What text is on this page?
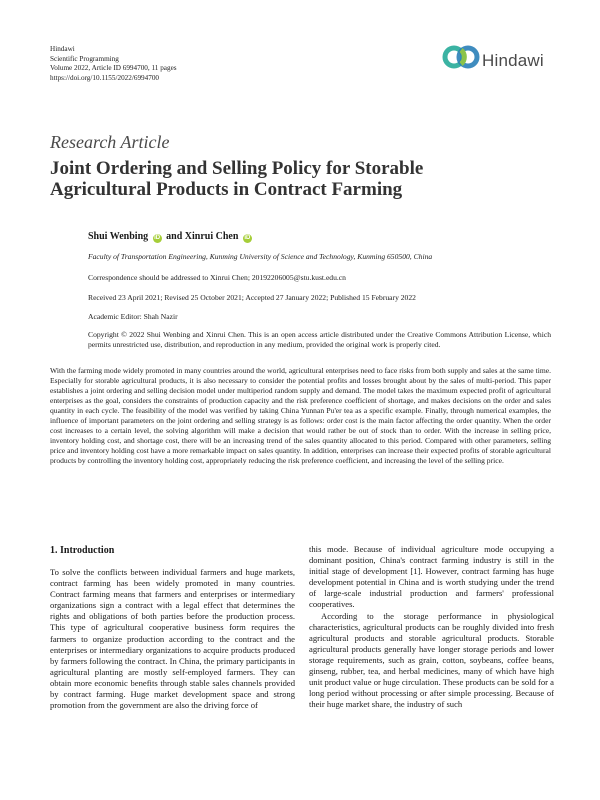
Hindawi
Scientific Programming
Volume 2022, Article ID 6994700, 11 pages
https://doi.org/10.1155/2022/6994700
Hindawi
Research Article
Joint Ordering and Selling Policy for Storable Agricultural Products in Contract Farming
Shui Wenbing iD and Xinrui Chen iD
Faculty of Transportation Engineering, Kunming University of Science and Technology, Kunming 650500, China
Correspondence should be addressed to Xinrui Chen; 20192206005@stu.kust.edu.cn
Received 23 April 2021; Revised 25 October 2021; Accepted 27 January 2022; Published 15 February 2022
Academic Editor: Shah Nazir
Copyright © 2022 Shui Wenbing and Xinrui Chen. This is an open access article distributed under the Creative Commons Attribution License, which permits unrestricted use, distribution, and reproduction in any medium, provided the original work is properly cited.
With the farming mode widely promoted in many countries around the world, agricultural enterprises need to face risks from both supply and sales at the same time. Especially for storable agricultural products, it is also necessary to consider the potential profits and losses brought about by the sales of multi-period. This paper establishes a joint ordering and selling decision model under multiperiod random supply and demand. The model takes the maximum expected profit of agricultural enterprises as the goal, considers the constraints of production capacity and the risk preference coefficient of shortage, and makes decisions on the order and sales quantity in each cycle. The feasibility of the model was verified by taking China Yunnan Pu'er tea as a specific example. Finally, through numerical examples, the influence of important parameters on the joint ordering and selling strategy is as follows: order cost is the main factor affecting the order quantity. When the order cost increases to a certain level, the solving algorithm will make a decision that would rather be out of stock than to order. With the increase in selling price, inventory holding cost, and shortage cost, there will be an increasing trend of the sales quantity allocated to this period. Compared with other parameters, selling price and inventory holding cost have a more remarkable impact on sales quantity. In addition, enterprises can increase their expected profits of storable agricultural products by controlling the inventory holding cost, appropriately reducing the risk preference coefficient, and increasing the level of the selling price.
1. Introduction

To solve the conflicts between individual farmers and huge markets, contract farming has been widely promoted in many countries. Contract farming means that farmers and enterprises or intermediary organizations sign a contract with a legal effect that determines the rights and obligations of both parties before the production process. This type of agricultural cooperative business form requires the farmers to organize production according to the contract and the enterprises or intermediary organizations to acquire products produced by farmers following the contract. In China, the primary participants in agricultural planting are mostly self-employed farmers. They can obtain more economic benefits through stable sales channels provided by contract farming. Huge market development space and strong promotion from the government are also the driving force of

this mode. Because of individual agriculture mode occupying a dominant position, China's contract farming industry is still in the initial stage of development [1]. However, contract farming has huge development potential in China and is worth studying under the trend of large-scale industrial production and farmers' professional cooperatives.

According to the storage performance in physiological characteristics, agricultural products can be roughly divided into fresh agricultural products and storable agricultural products. Storable agricultural products generally have longer storage periods and lower storage requirements, such as grain, cotton, soybeans, coffee beans, ginseng, rubber, tea, and herbal medicines, many of which have high unit product value or huge circulation. These products can be sold for a long period without processing or after simple processing. Because of their huge market share, the industry of such
